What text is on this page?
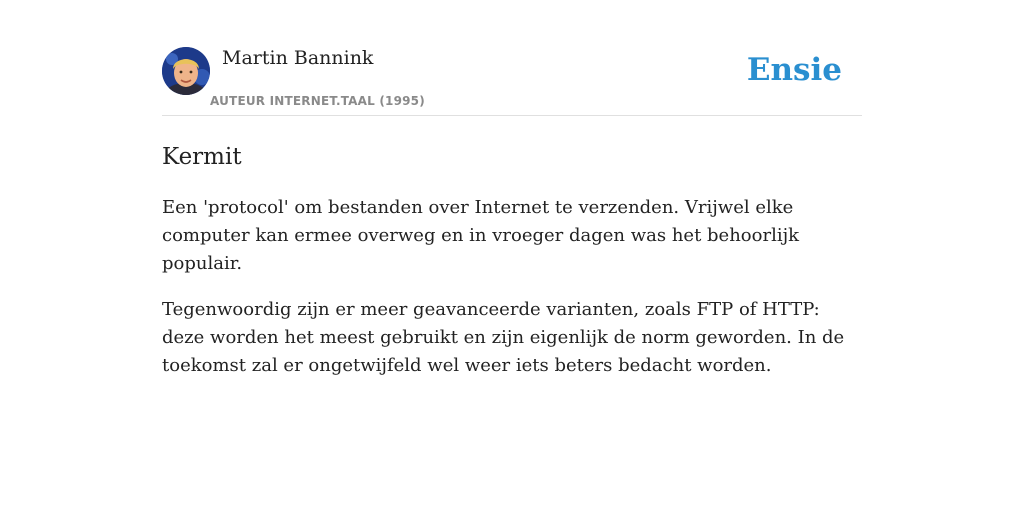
Martin Bannink
AUTEUR INTERNET.TAAL (1995)
Ensie
Kermit

Een 'protocol' om bestanden over Internet te verzenden. Vrijwel elke computer kan ermee overweg en in vroeger dagen was het behoorlijk populair.

Tegenwoordig zijn er meer geavanceerde varianten, zoals FTP of HTTP: deze worden het meest gebruikt en zijn eigenlijk de norm geworden. In de toekomst zal er ongetwijfeld wel weer iets beters bedacht worden.
